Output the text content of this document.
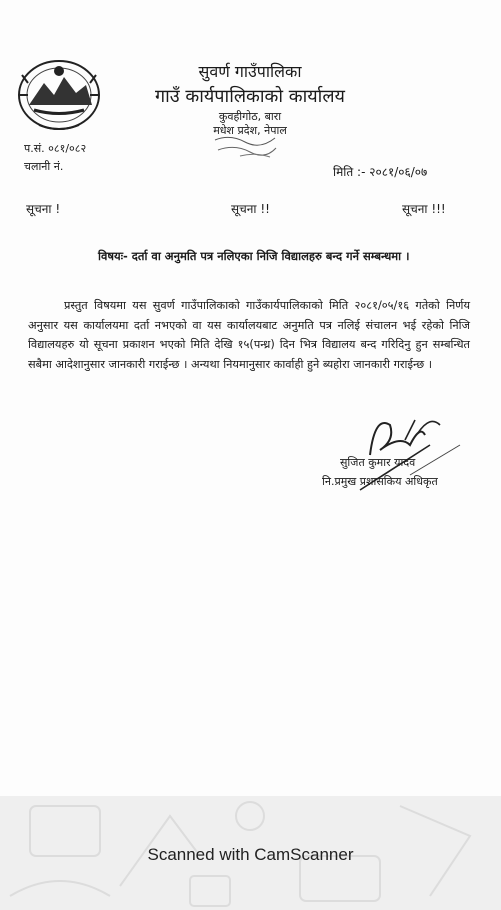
सुवर्ण गाउँपालिका
गाउँ कार्यपालिकाको कार्यालय
कुवहीगोठ, बारा
मधेश प्रदेश, नेपाल
प.सं. ०८१/०८२
चलानी नं.	मिति :- २०८१/०६/०७
सूचना !	सूचना !!	सूचना !!!
विषयः- दर्ता वा अनुमति पत्र नलिएका निजि विद्यालहरु बन्द गर्ने सम्बन्धमा ।
प्रस्तुत विषयमा यस सुवर्ण गाउँपालिकाको गाउँकार्यपालिकाको मिति २०८१/०५/१६ गतेको निर्णय अनुसार यस कार्यालयमा दर्ता नभएको वा यस कार्यालयबाट अनुमति पत्र नलिई संचालन भई रहेको निजि विद्यालयहरु यो सूचना प्रकाशन भएको मिति देखि १५(पन्ध्र) दिन भित्र विद्यालय बन्द गरिदिनु हुन सम्बन्धित सबैमा आदेशानुसार जानकारी गराईन्छ । अन्यथा नियमानुसार कार्वाही हुने ब्यहोरा जानकारी गराईन्छ ।
सुजित कुमार यादव
नि.प्रमुख प्रशासकिय अधिकृत
Scanned with CamScanner
